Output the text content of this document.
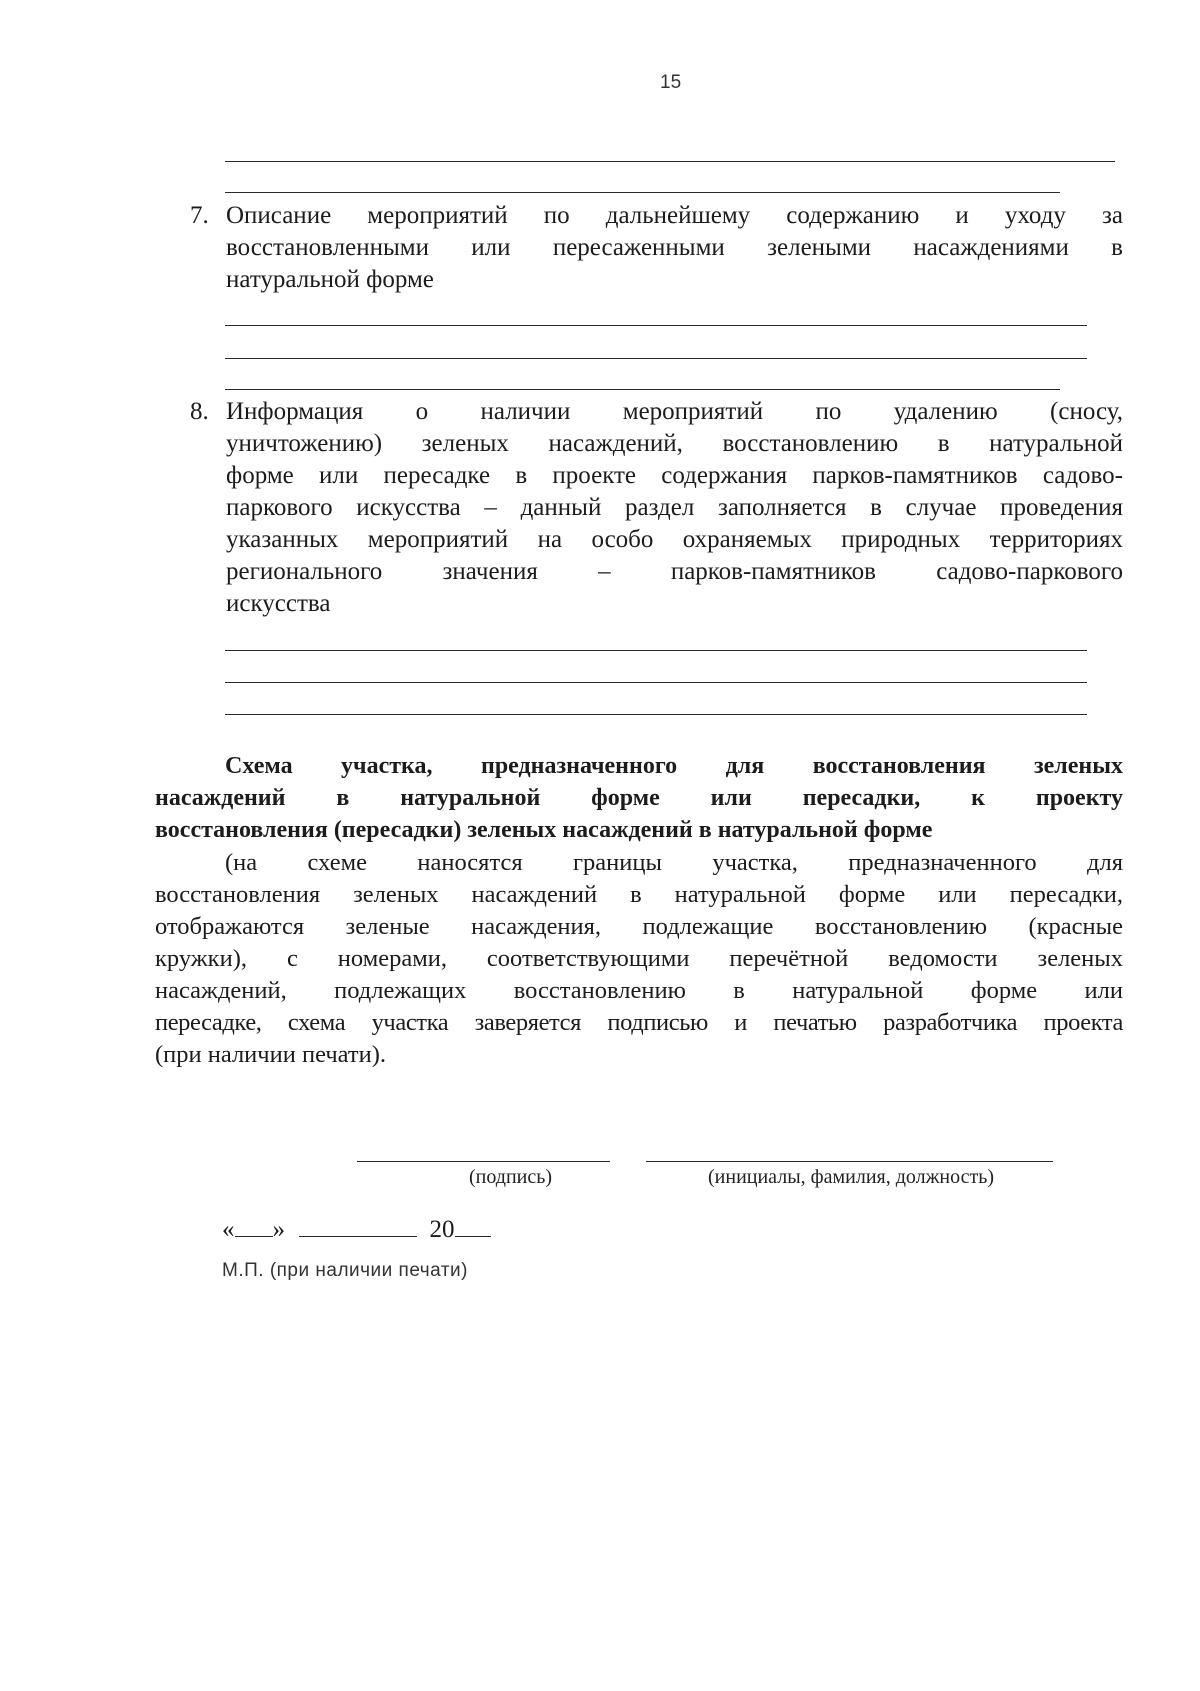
15
7. Описание мероприятий по дальнейшему содержанию и уходу за
восстановленными или пересаженными зелеными насаждениями в
натуральной форме
8. Информация о наличии мероприятий по удалению (сносу,
уничтожению) зеленых насаждений, восстановлению в натуральной
форме или пересадке в проекте содержания парков-памятников садово-
паркового искусства – данный раздел заполняется в случае проведения
указанных мероприятий на особо охраняемых природных территориях
регионального значения – парков-памятников садово-паркового
искусства
Схема участка, предназначенного для восстановления зеленых
насаждений в натуральной форме или пересадки, к проекту
восстановления (пересадки) зеленых насаждений в натуральной форме
(на схеме наносятся границы участка, предназначенного для
восстановления зеленых насаждений в натуральной форме или пересадки,
отображаются зеленые насаждения, подлежащие восстановлению (красные
кружки), с номерами, соответствующими перечётной ведомости зеленых
насаждений, подлежащих восстановлению в натуральной форме или
пересадке, схема участка заверяется подписью и печатью разработчика проекта
(при наличии печати).
(подпись)	(инициалы, фамилия, должность)
« »	20
М.П. (при наличии печати)
